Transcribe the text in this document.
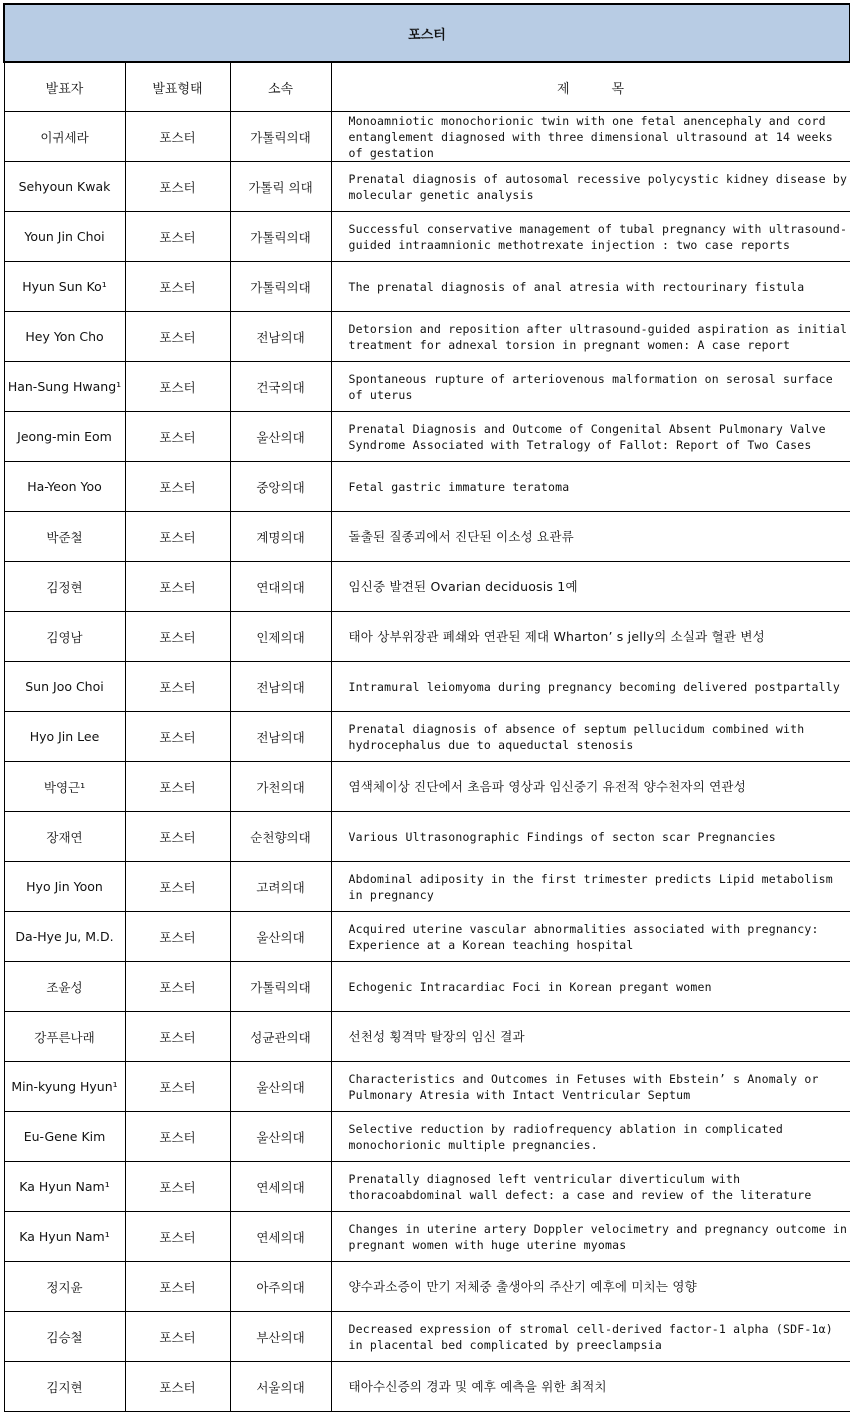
포스터			
발표자	발표형태	소속	제 목
이귀세라	포스터	가톨릭의대	Monoamniotic monochorionic twin with one fetal anencephaly and cord entanglement diagnosed with three dimensional ultrasound at 14 weeks of gestation
Sehyoun Kwak	포스터	가톨릭 의대	Prenatal diagnosis of autosomal recessive polycystic kidney disease by molecular genetic analysis
Youn Jin Choi	포스터	가톨릭의대	Successful conservative management of tubal pregnancy with ultrasound-guided intraamnionic methotrexate injection : two case reports
Hyun Sun Ko¹	포스터	가톨릭의대	The prenatal diagnosis of anal atresia with rectourinary fistula
Hey Yon Cho	포스터	전남의대	Detorsion and reposition after ultrasound-guided aspiration as initial treatment for adnexal torsion in pregnant women: A case report
Han-Sung Hwang¹	포스터	건국의대	Spontaneous rupture of arteriovenous malformation on serosal surface of uterus
Jeong-min Eom	포스터	울산의대	Prenatal Diagnosis and Outcome of Congenital Absent Pulmonary Valve Syndrome Associated with Tetralogy of Fallot: Report of Two Cases
Ha-Yeon Yoo	포스터	중앙의대	Fetal gastric immature teratoma
박준철	포스터	계명의대	돌출된 질종괴에서 진단된 이소성 요관류
김정현	포스터	연대의대	임신중 발견된 Ovarian deciduosis 1예
김영남	포스터	인제의대	태아 상부위장관 폐쇄와 연관된 제대 Wharton’ s jelly의 소실과 혈관 변성
Sun Joo Choi	포스터	전남의대	Intramural leiomyoma during pregnancy becoming delivered postpartally
Hyo Jin Lee	포스터	전남의대	Prenatal diagnosis of absence of septum pellucidum combined with hydrocephalus due to aqueductal stenosis
박영근¹	포스터	가천의대	염색체이상 진단에서 초음파 영상과 임신중기 유전적 양수천자의 연관성
장재연	포스터	순천향의대	Various Ultrasonographic Findings of secton scar Pregnancies
Hyo Jin Yoon	포스터	고려의대	Abdominal adiposity in the first trimester predicts Lipid metabolism in pregnancy
Da-Hye Ju, M.D.	포스터	울산의대	Acquired uterine vascular abnormalities associated with pregnancy: Experience at a Korean teaching hospital
조윤성	포스터	가톨릭의대	Echogenic Intracardiac Foci in Korean pregant women
강푸른나래	포스터	성균관의대	선천성 횡격막 탈장의 임신 결과
Min-kyung Hyun¹	포스터	울산의대	Characteristics and Outcomes in Fetuses with Ebstein’ s Anomaly or Pulmonary Atresia with Intact Ventricular Septum
Eu-Gene Kim	포스터	울산의대	Selective reduction by radiofrequency ablation in complicated monochorionic multiple pregnancies.
Ka Hyun Nam¹	포스터	연세의대	Prenatally diagnosed left ventricular diverticulum with thoracoabdominal wall defect: a case and review of the literature
Ka Hyun Nam¹	포스터	연세의대	Changes in uterine artery Doppler velocimetry and pregnancy outcome in pregnant women with huge uterine myomas
정지윤	포스터	아주의대	양수과소증이 만기 저체중 출생아의 주산기 예후에 미치는 영향
김승철	포스터	부산의대	Decreased expression of stromal cell-derived factor-1 alpha (SDF-1α) in placental bed complicated by preeclampsia
김지현	포스터	서울의대	태아수신증의 경과 및 예후 예측을 위한 최적치
